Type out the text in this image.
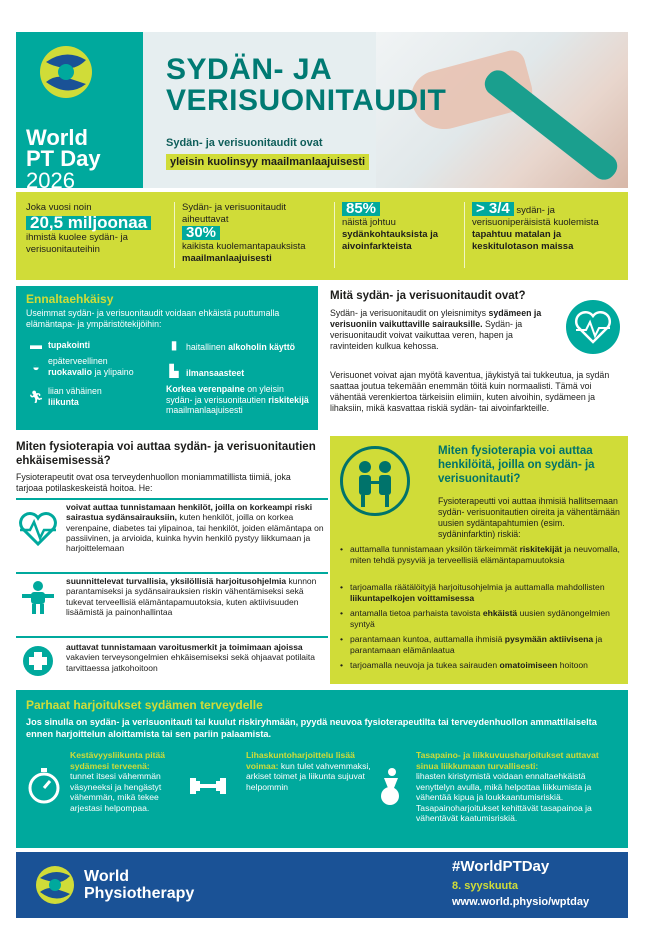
World
PT Day
2026
SYDÄN- JA
VERISUONITAUDIT
Sydän- ja verisuonitaudit ovat
yleisin kuolinsyy maailmanlaajuisesti
Joka vuosi noin
20,5 miljoonaa
ihmistä kuolee sydän- ja verisuonitauteihin
Sydän- ja verisuonitaudit aiheuttavat
30%
kaikista kuolemantapauksista
maailmanlaajuisesti
85%
näistä johtuu
sydänkohtauksista ja aivoinfarkteista
> 3/4 sydän- ja verisuoniperäisistä kuolemista
tapahtuu matalan ja keskitulotason maissa
Ennaltaehkäisy
Useimmat sydän- ja verisuonitaudit voidaan ehkäistä puuttumalla elämäntapa- ja ympäristötekijöihin:
▬ tupakointi
◒ epäterveellinen
ruokavalio ja ylipaino
🏃︎ liian vähäinen
liikunta
▮ haitallinen alkoholin käyttö
▙ ilmansaasteet
Korkea verenpaine on yleisin sydän- ja verisuonitautien riskitekijä maailmanlaajuisesti
Mitä sydän- ja verisuonitaudit ovat?
Sydän- ja verisuonitaudit on yleisnimitys sydämeen ja verisuoniin vaikuttaville sairauksille. Sydän- ja verisuonitaudit voivat vaikuttaa veren, hapen ja ravinteiden kulkua kehossa.
Verisuonet voivat ajan myötä kaventua, jäykistyä tai tukkeutua, ja sydän saattaa joutua tekemään enemmän töitä kuin normaalisti. Tämä voi vähentää verenkiertoa tärkeisiin elimiin, kuten aivoihin, sydämeen ja lihaksiin, mikä kasvattaa riskiä sydän- tai aivoinfarkteille.
Miten fysioterapia voi auttaa sydän- ja verisuonitautien ehkäisemisessä?
Fysioterapeutit ovat osa terveydenhuollon moniammatillista tiimiä, joka tarjoaa potilaskeskeistä hoitoa. He:
voivat auttaa tunnistamaan henkilöt, joilla on korkeampi riski sairastua sydänsairauksiin, kuten henkilöt, joilla on korkea verenpaine, diabetes tai ylipainoa, tai henkilöt, joiden elämäntapa on passiivinen, ja arvioida, kuinka hyvin henkilö pystyy liikkumaan ja harjoittelemaan
suunnittelevat turvallisia, yksilöllisiä harjoitusohjelmia kunnon parantamiseksi ja sydänsairauksien riskin vähentämiseksi sekä tukevat terveellisiä elämäntapamuutoksia, kuten aktiivisuuden lisäämistä ja painonhallintaa
auttavat tunnistamaan varoitusmerkit ja toimimaan ajoissa vakavien terveysongelmien ehkäisemiseksi sekä ohjaavat potilaita tarvittaessa jatkohoitoon
Miten fysioterapia voi auttaa henkilöitä, joilla on sydän- ja verisuonitauti?
Fysioterapeutti voi auttaa ihmisiä hallitsemaan sydän- verisuonitautien oireita ja vähentämään uusien sydäntapahtumien (esim. sydäninfarktin) riskiä:
• auttamalla tunnistamaan yksilön tärkeimmät riskitekijät ja neuvomalla, miten tehdä pysyviä ja terveellisiä elämäntapamuutoksia
• tarjoamalla räätälöityjä harjoitusohjelmia ja auttamalla mahdollisten liikuntapelkojen voittamisessa
• antamalla tietoa parhaista tavoista ehkäistä uusien sydänongelmien syntyä
• parantamaan kuntoa, auttamalla ihmisiä pysymään aktiivisena ja parantamaan elämänlaatua
• tarjoamalla neuvoja ja tukea sairauden omatoimiseen hoitoon
Parhaat harjoitukset sydämen terveydelle
Jos sinulla on sydän- ja verisuonitauti tai kuulut riskiryhmään, pyydä neuvoa fysioterapeutilta tai terveydenhuollon ammattilaiselta ennen harjoittelun aloittamista tai sen pariin palaamista.
Kestävyysliikunta pitää sydämesi terveenä:
tunnet itsesi vähemmän väsyneeksi ja hengästyt vähemmän, mikä tekee arjestasi helpompaa.
Lihaskuntoharjoittelu lisää voimaa: kun tulet vahvemmaksi, arkiset toimet ja liikunta sujuvat helpommin
Tasapaino- ja liikkuvuusharjoitukset auttavat sinua liikkumaan turvallisesti:
lihasten kiristymistä voidaan ennaltaehkäistä venyttelyn avulla, mikä helpottaa liikkumista ja vähentää kipua ja loukkaantumisriskiä. Tasapainoharjoitukset kehittävät tasapainoa ja vähentävät kaatumisriskiä.
World
Physiotherapy
#WorldPTDay
8. syyskuuta
www.world.physio/wptday
